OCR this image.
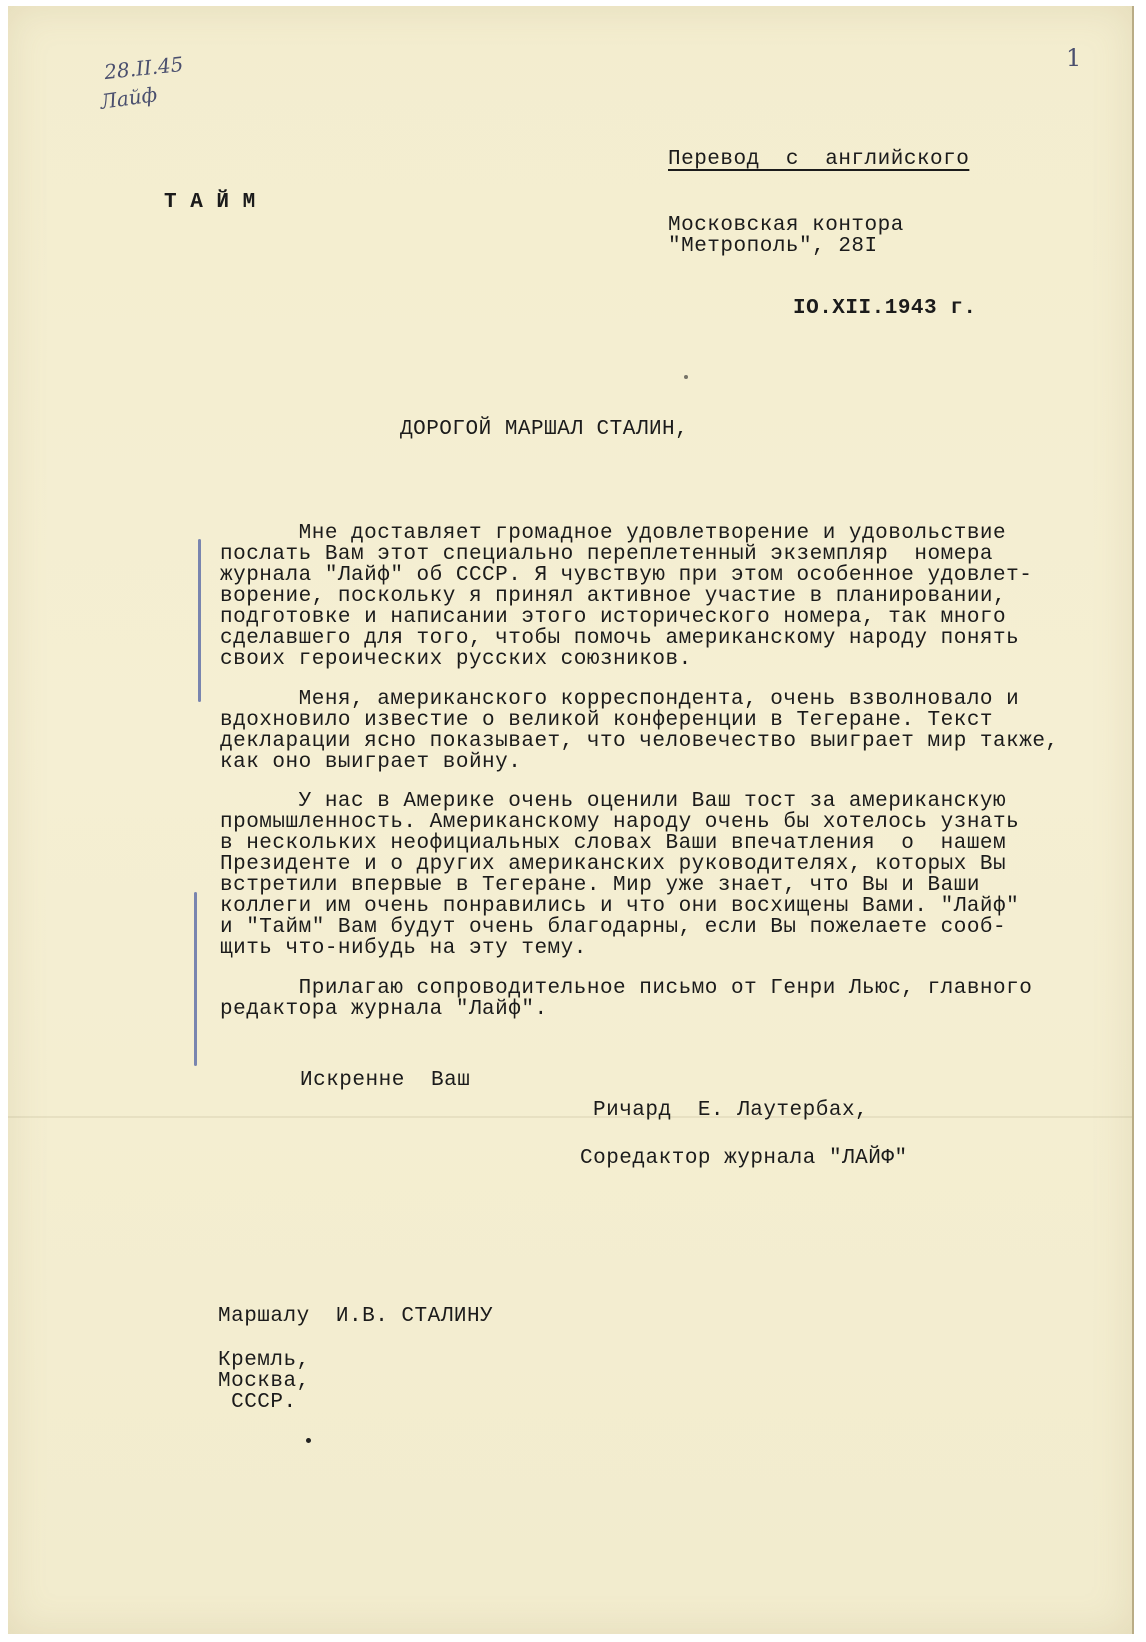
28.II.45
Лайф
1
Перевод  с  английского
Т А Й М
Московская контора
"Метрополь", 28I
IO.XII.1943 г.
ДОРОГОЙ МАРШАЛ СТАЛИН,
Мне доставляет громадное удовлетворение и удовольствие
послать Вам этот специально переплетенный экземпляр  номера
журнала "Лайф" об СССР. Я чувствую при этом особенное удовлет-
ворение, поскольку я принял активное участие в планировании,
подготовке и написании этого исторического номера, так много
сделавшего для того, чтобы помочь американскому народу понять
своих героических русских союзников.
Меня, американского корреспондента, очень взволновало и
вдохновило известие о великой конференции в Тегеране. Текст
декларации ясно показывает, что человечество выиграет мир также,
как оно выиграет войну.
У нас в Америке очень оценили Ваш тост за американскую
промышленность. Американскому народу очень бы хотелось узнать
в нескольких неофициальных словах Ваши впечатления  о  нашем
Президенте и о других американских руководителях, которых Вы
встретили впервые в Тегеране. Мир уже знает, что Вы и Ваши
коллеги им очень понравились и что они восхищены Вами. "Лайф"
и "Тайм" Вам будут очень благодарны, если Вы пожелаете сооб-
щить что-нибудь на эту тему.
Прилагаю сопроводительное письмо от Генри Льюс, главного
редактора журнала "Лайф".
Искренне  Ваш
Ричард  Е. Лаутербах,
Соредактор журнала "ЛАЙФ"
Маршалу  И.В. СТАЛИНУ
Кремль,
Москва,
СССР.
